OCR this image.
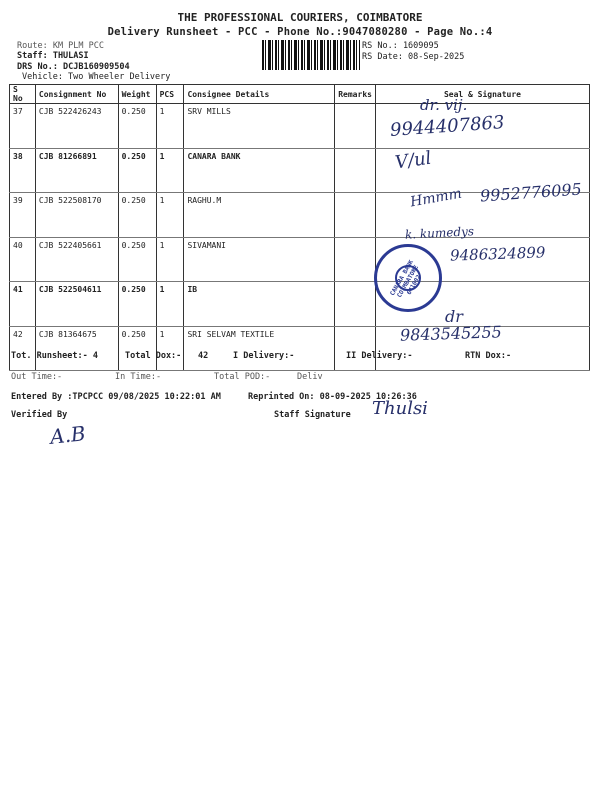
THE PROFESSIONAL COURIERS, COIMBATORE
Delivery Runsheet - PCC - Phone No.:9047080280 - Page No.:4
Route: KM PLM PCC
Staff: THULASI
DRS No.: DCJB160909504
Vehicle: Two Wheeler Delivery
RS No.: 1609095
RS Date: 08-Sep-2025
S No	Consignment No	Weight	PCS	Consignee Details	Remarks	Seal & Signature
37	CJB 522426243	0.250	1	SRV MILLS		
38	CJB 81266891	0.250	1	CANARA BANK		
39	CJB 522508170	0.250	1	RAGHU.M		
40	CJB 522405661	0.250	1	SIVAMANI		
41	CJB 522504611	0.250	1	IB		
42	CJB 81364675	0.250	1	SRI SELVAM TEXTILE		
dr. vij.
9944407863
V/ul
Hmmm 9952776095
k. kumedys
9486324899
CANARA BANK COIMBATORE 641002
dr
9843545255
Tot. Runsheet:- 4	Total Dox:- 42	I Delivery:-	II Delivery:-	RTN Dox:-
Out Time:-	In Time:-	Total POD:-	Deliv
Entered By :TPCPCC 09/08/2025 10:22:01 AM	Reprinted On: 08-09-2025 10:26:36
Verified By	Staff Signature Thulsi
A.B
